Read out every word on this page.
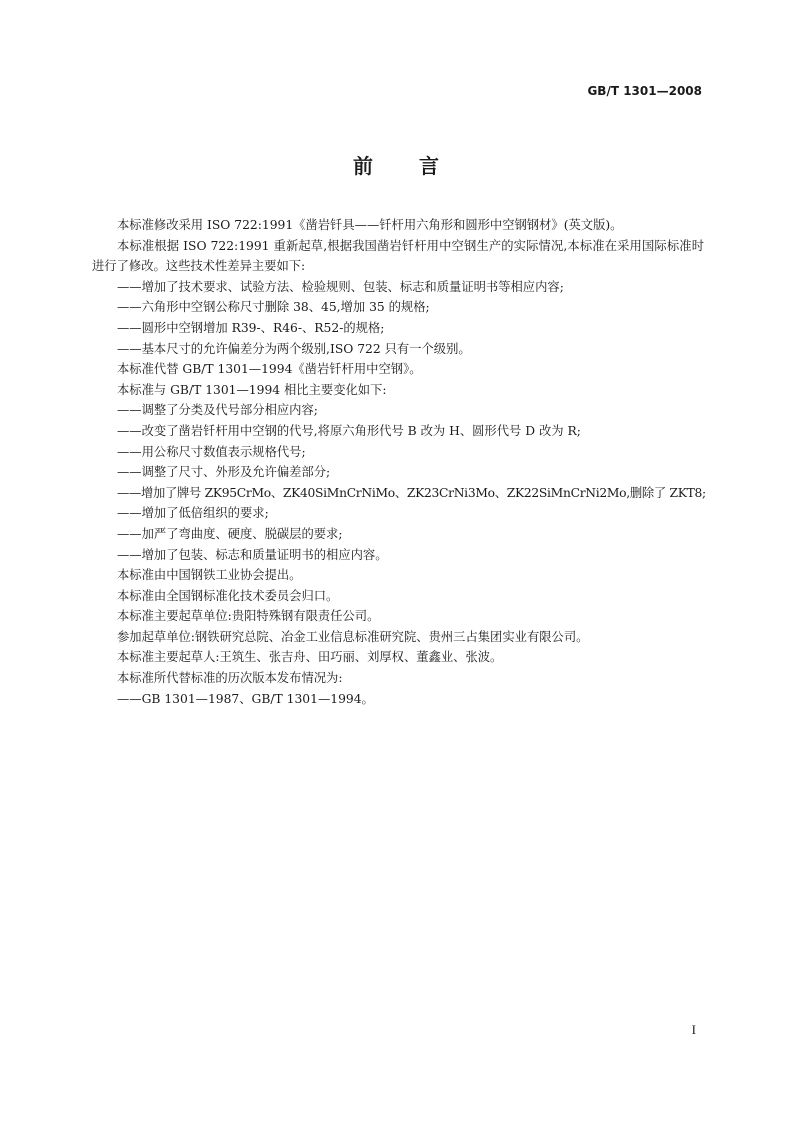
GB/T 1301—2008
前 言

本标准修改采用 ISO 722:1991《凿岩钎具——钎杆用六角形和圆形中空钢钢材》(英文版)。

本标准根据 ISO 722:1991 重新起草,根据我国凿岩钎杆用中空钢生产的实际情况,本标准在采用国际标准时进行了修改。这些技术性差异主要如下:

——增加了技术要求、试验方法、检验规则、包装、标志和质量证明书等相应内容;

——六角形中空钢公称尺寸删除 38、45,增加 35 的规格;

——圆形中空钢增加 R39-、R46-、R52-的规格;

——基本尺寸的允许偏差分为两个级别,ISO 722 只有一个级别。

本标准代替 GB/T 1301—1994《凿岩钎杆用中空钢》。

本标准与 GB/T 1301—1994 相比主要变化如下:

——调整了分类及代号部分相应内容;

——改变了凿岩钎杆用中空钢的代号,将原六角形代号 B 改为 H、圆形代号 D 改为 R;

——用公称尺寸数值表示规格代号;

——调整了尺寸、外形及允许偏差部分;

——增加了牌号 ZK95CrMo、ZK40SiMnCrNiMo、ZK23CrNi3Mo、ZK22SiMnCrNi2Mo,删除了 ZKT8;

——增加了低倍组织的要求;

——加严了弯曲度、硬度、脱碳层的要求;

——增加了包装、标志和质量证明书的相应内容。

本标准由中国钢铁工业协会提出。

本标准由全国钢标准化技术委员会归口。

本标准主要起草单位:贵阳特殊钢有限责任公司。

参加起草单位:钢铁研究总院、冶金工业信息标准研究院、贵州三占集团实业有限公司。

本标准主要起草人:王筑生、张吉舟、田巧丽、刘厚权、董鑫业、张波。

本标准所代替标准的历次版本发布情况为:

——GB 1301—1987、GB/T 1301—1994。

I
